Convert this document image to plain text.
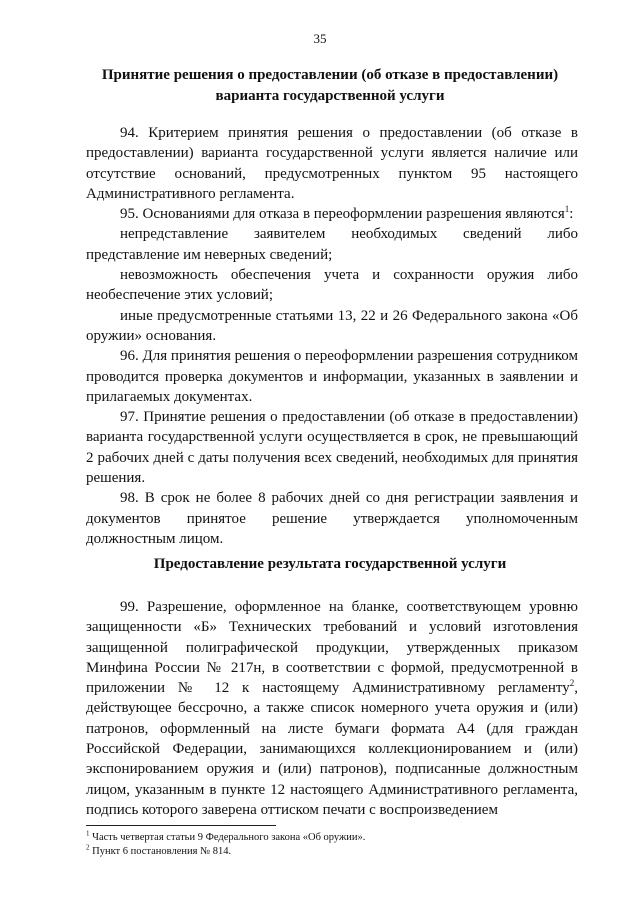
35
Принятие решения о предоставлении (об отказе в предоставлении)
варианта государственной услуги

94. Критерием принятия решения о предоставлении (об отказе в предоставлении) варианта государственной услуги является наличие или отсутствие оснований, предусмотренных пунктом 95 настоящего Административного регламента.

95. Основаниями для отказа в переоформлении разрешения являются$^1$:

непредставление заявителем необходимых сведений либо представление им неверных сведений;

невозможность обеспечения учета и сохранности оружия либо необеспечение этих условий;

иные предусмотренные статьями 13, 22 и 26 Федерального закона «Об оружии» основания.

96. Для принятия решения о переоформлении разрешения сотрудником проводится проверка документов и информации, указанных в заявлении и прилагаемых документах.

97. Принятие решения о предоставлении (об отказе в предоставлении) варианта государственной услуги осуществляется в срок, не превышающий 2 рабочих дней с даты получения всех сведений, необходимых для принятия решения.

98. В срок не более 8 рабочих дней со дня регистрации заявления и документов принятое решение утверждается уполномоченным должностным лицом.

Предоставление результата государственной услуги

99. Разрешение, оформленное на бланке, соответствующем уровню защищенности «Б» Технических требований и условий изготовления защищенной полиграфической продукции, утвержденных приказом Минфина России № 217н, в соответствии с формой, предусмотренной в приложении № 12 к настоящему Административному регламенту$^2$, действующее бессрочно, а также список номерного учета оружия и (или) патронов, оформленный на листе бумаги формата А4 (для граждан Российской Федерации, занимающихся коллекционированием и (или) экспонированием оружия и (или) патронов), подписанные должностным лицом, указанным в пункте 12 настоящего Административного регламента, подпись которого заверена оттиском печати с воспроизведением

$^1$ Часть четвертая статьи 9 Федерального закона «Об оружии».

$^2$ Пункт 6 постановления № 814.
